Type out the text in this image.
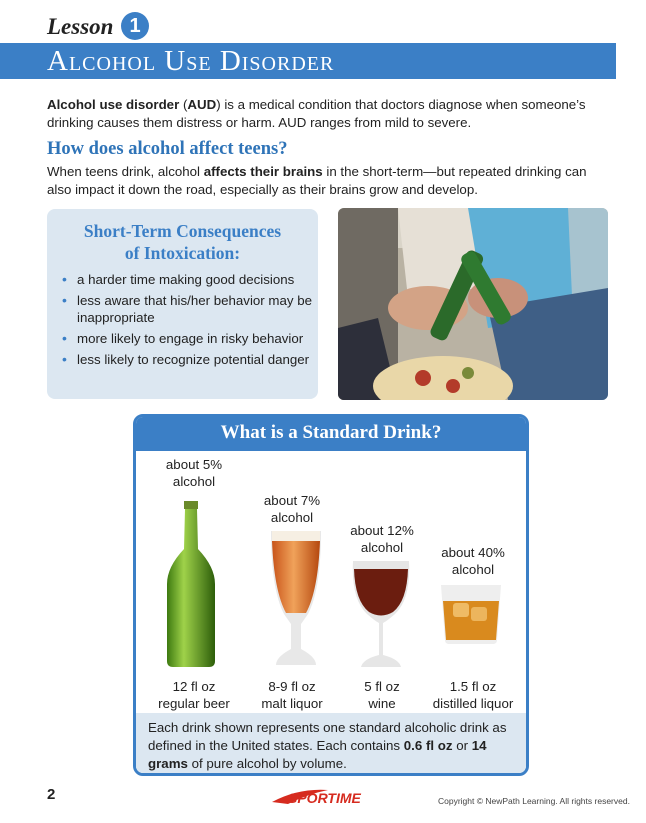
Lesson 1
Alcohol Use Disorder
Alcohol use disorder (AUD) is a medical condition that doctors diagnose when someone’s drinking causes them distress or harm. AUD ranges from mild to severe.
How does alcohol affect teens?
When teens drink, alcohol affects their brains in the short-term—but repeated drinking can also impact it down the road, especially as their brains grow and develop.
Short-Term Consequences
of Intoxication:
• a harder time making good decisions
• less aware that his/her behavior may be inappropriate
• more likely to engage in risky behavior
• less likely to recognize potential danger
What is a Standard Drink?
about 5%
alcohol
12 fl oz
regular beer
about 7%
alcohol
8-9 fl oz
malt liquor
about 12%
alcohol
5 fl oz
wine
about 40%
alcohol
1.5 fl oz
distilled liquor
Each drink shown represents one standard alcoholic drink as defined in the United states. Each contains 0.6 fl oz or 14 grams of pure alcohol by volume.
2	SPORTIME	Copyright © NewPath Learning. All rights reserved.
